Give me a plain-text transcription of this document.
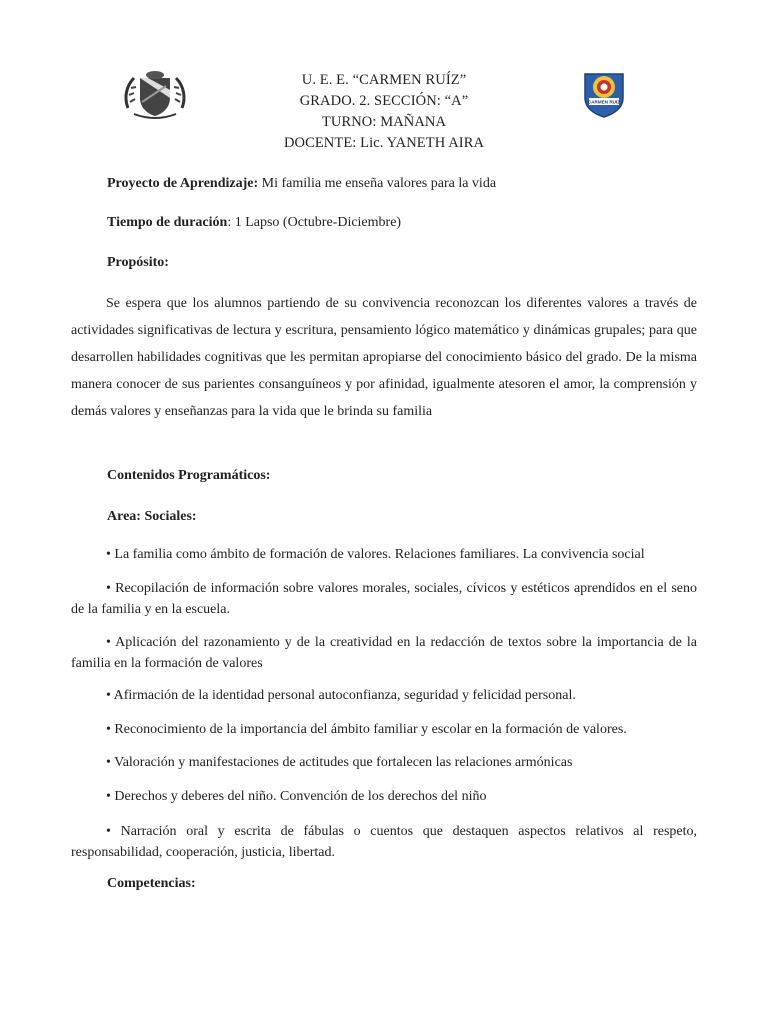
CARMEN RUIZ
U. E. E. “CARMEN RUÍZ”
GRADO. 2. SECCIÓN: “A”
TURNO: MAÑANA
DOCENTE: Lic. YANETH AIRA
Proyecto de Aprendizaje: Mi familia me enseña valores para la vida
Tiempo de duración: 1 Lapso (Octubre-Diciembre)
Propósito:
Se espera que los alumnos partiendo de su convivencia reconozcan los diferentes valores a través de actividades significativas de lectura y escritura, pensamiento lógico matemático y dinámicas grupales; para que desarrollen habilidades cognitivas que les permitan apropiarse del conocimiento básico del grado. De la misma manera conocer de sus parientes consanguíneos y por afinidad, igualmente atesoren el amor, la comprensión y demás valores y enseñanzas para la vida que le brinda su familia
Contenidos Programáticos:
Area: Sociales:
• La familia como ámbito de formación de valores. Relaciones familiares. La convivencia social
• Recopilación de información sobre valores morales, sociales, cívicos y estéticos aprendidos en el seno de la familia y en la escuela.
• Aplicación del razonamiento y de la creatividad en la redacción de textos sobre la importancia de la familia en la formación de valores
• Afirmación de la identidad personal autoconfianza, seguridad y felicidad personal.
• Reconocimiento de la importancia del ámbito familiar y escolar en la formación de valores.
• Valoración y manifestaciones de actitudes que fortalecen las relaciones armónicas
• Derechos y deberes del niño. Convención de los derechos del niño
• Narración oral y escrita de fábulas o cuentos que destaquen aspectos relativos al respeto, responsabilidad, cooperación, justicia, libertad.
Competencias:
